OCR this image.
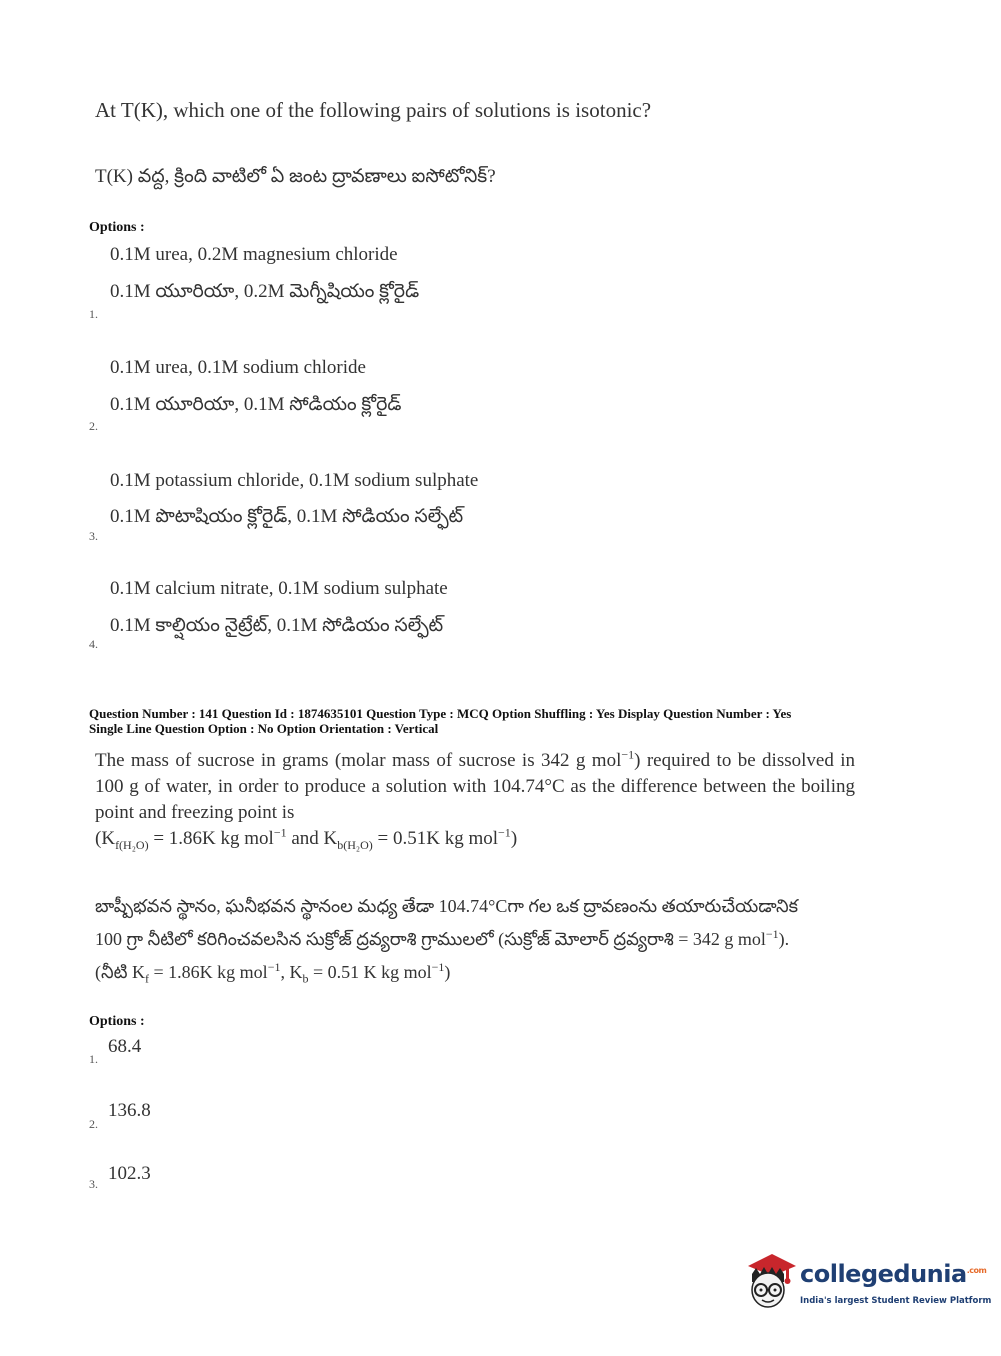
At T(K), which one of the following pairs of solutions is isotonic?
T(K) వద్ద, క్రింది వాటిలో ఏ జంట ద్రావణాలు ఐసోటోనిక్?
Options :
0.1M urea, 0.2M magnesium chloride
0.1M యూరియా, 0.2M మెగ్నీషియం క్లోరైడ్
1.
0.1M urea, 0.1M sodium chloride
0.1M యూరియా, 0.1M సోడియం క్లోరైడ్
2.
0.1M potassium chloride, 0.1M sodium sulphate
0.1M పొటాషియం క్లోరైడ్, 0.1M సోడియం సల్ఫేట్
3.
0.1M calcium nitrate, 0.1M sodium sulphate
0.1M కాల్షియం నైట్రేట్, 0.1M సోడియం సల్ఫేట్
4.
Question Number : 141 Question Id : 1874635101 Question Type : MCQ Option Shuffling : Yes Display Question Number : Yes
Single Line Question Option : No Option Orientation : Vertical
The mass of sucrose in grams (molar mass of sucrose is 342 g mol$^{-1}$) required to be dissolved in 100 g of water, in order to produce a solution with 104.74°C as the difference between the boiling point and freezing point is
($K_{f(H_2O)} = 1.86K$ kg mol$^{-1}$ and $K_{b(H_2O)} = 0.51K$ kg mol$^{-1}$)
బాష్పీభవన స్థానం, ఘనీభవన స్థానంల మధ్య తేడా 104.74°Cగా గల ఒక ద్రావణంను తయారుచేయడానిక
100 గ్రా నీటిలో కరిగించవలసిన సుక్రోజ్ ద్రవ్యరాశి గ్రాములలో (సుక్రోజ్ మోలార్ ద్రవ్యరాశి = 342 g mol$^{-1}$).
(నీటి $K_f = 1.86K$ kg mol$^{-1}$, $K_b = 0.51$ K kg mol$^{-1}$)
Options :
68.4
1.
136.8
2.
102.3
3.
collegedunia$^{.com}$
India's largest Student Review Platform
